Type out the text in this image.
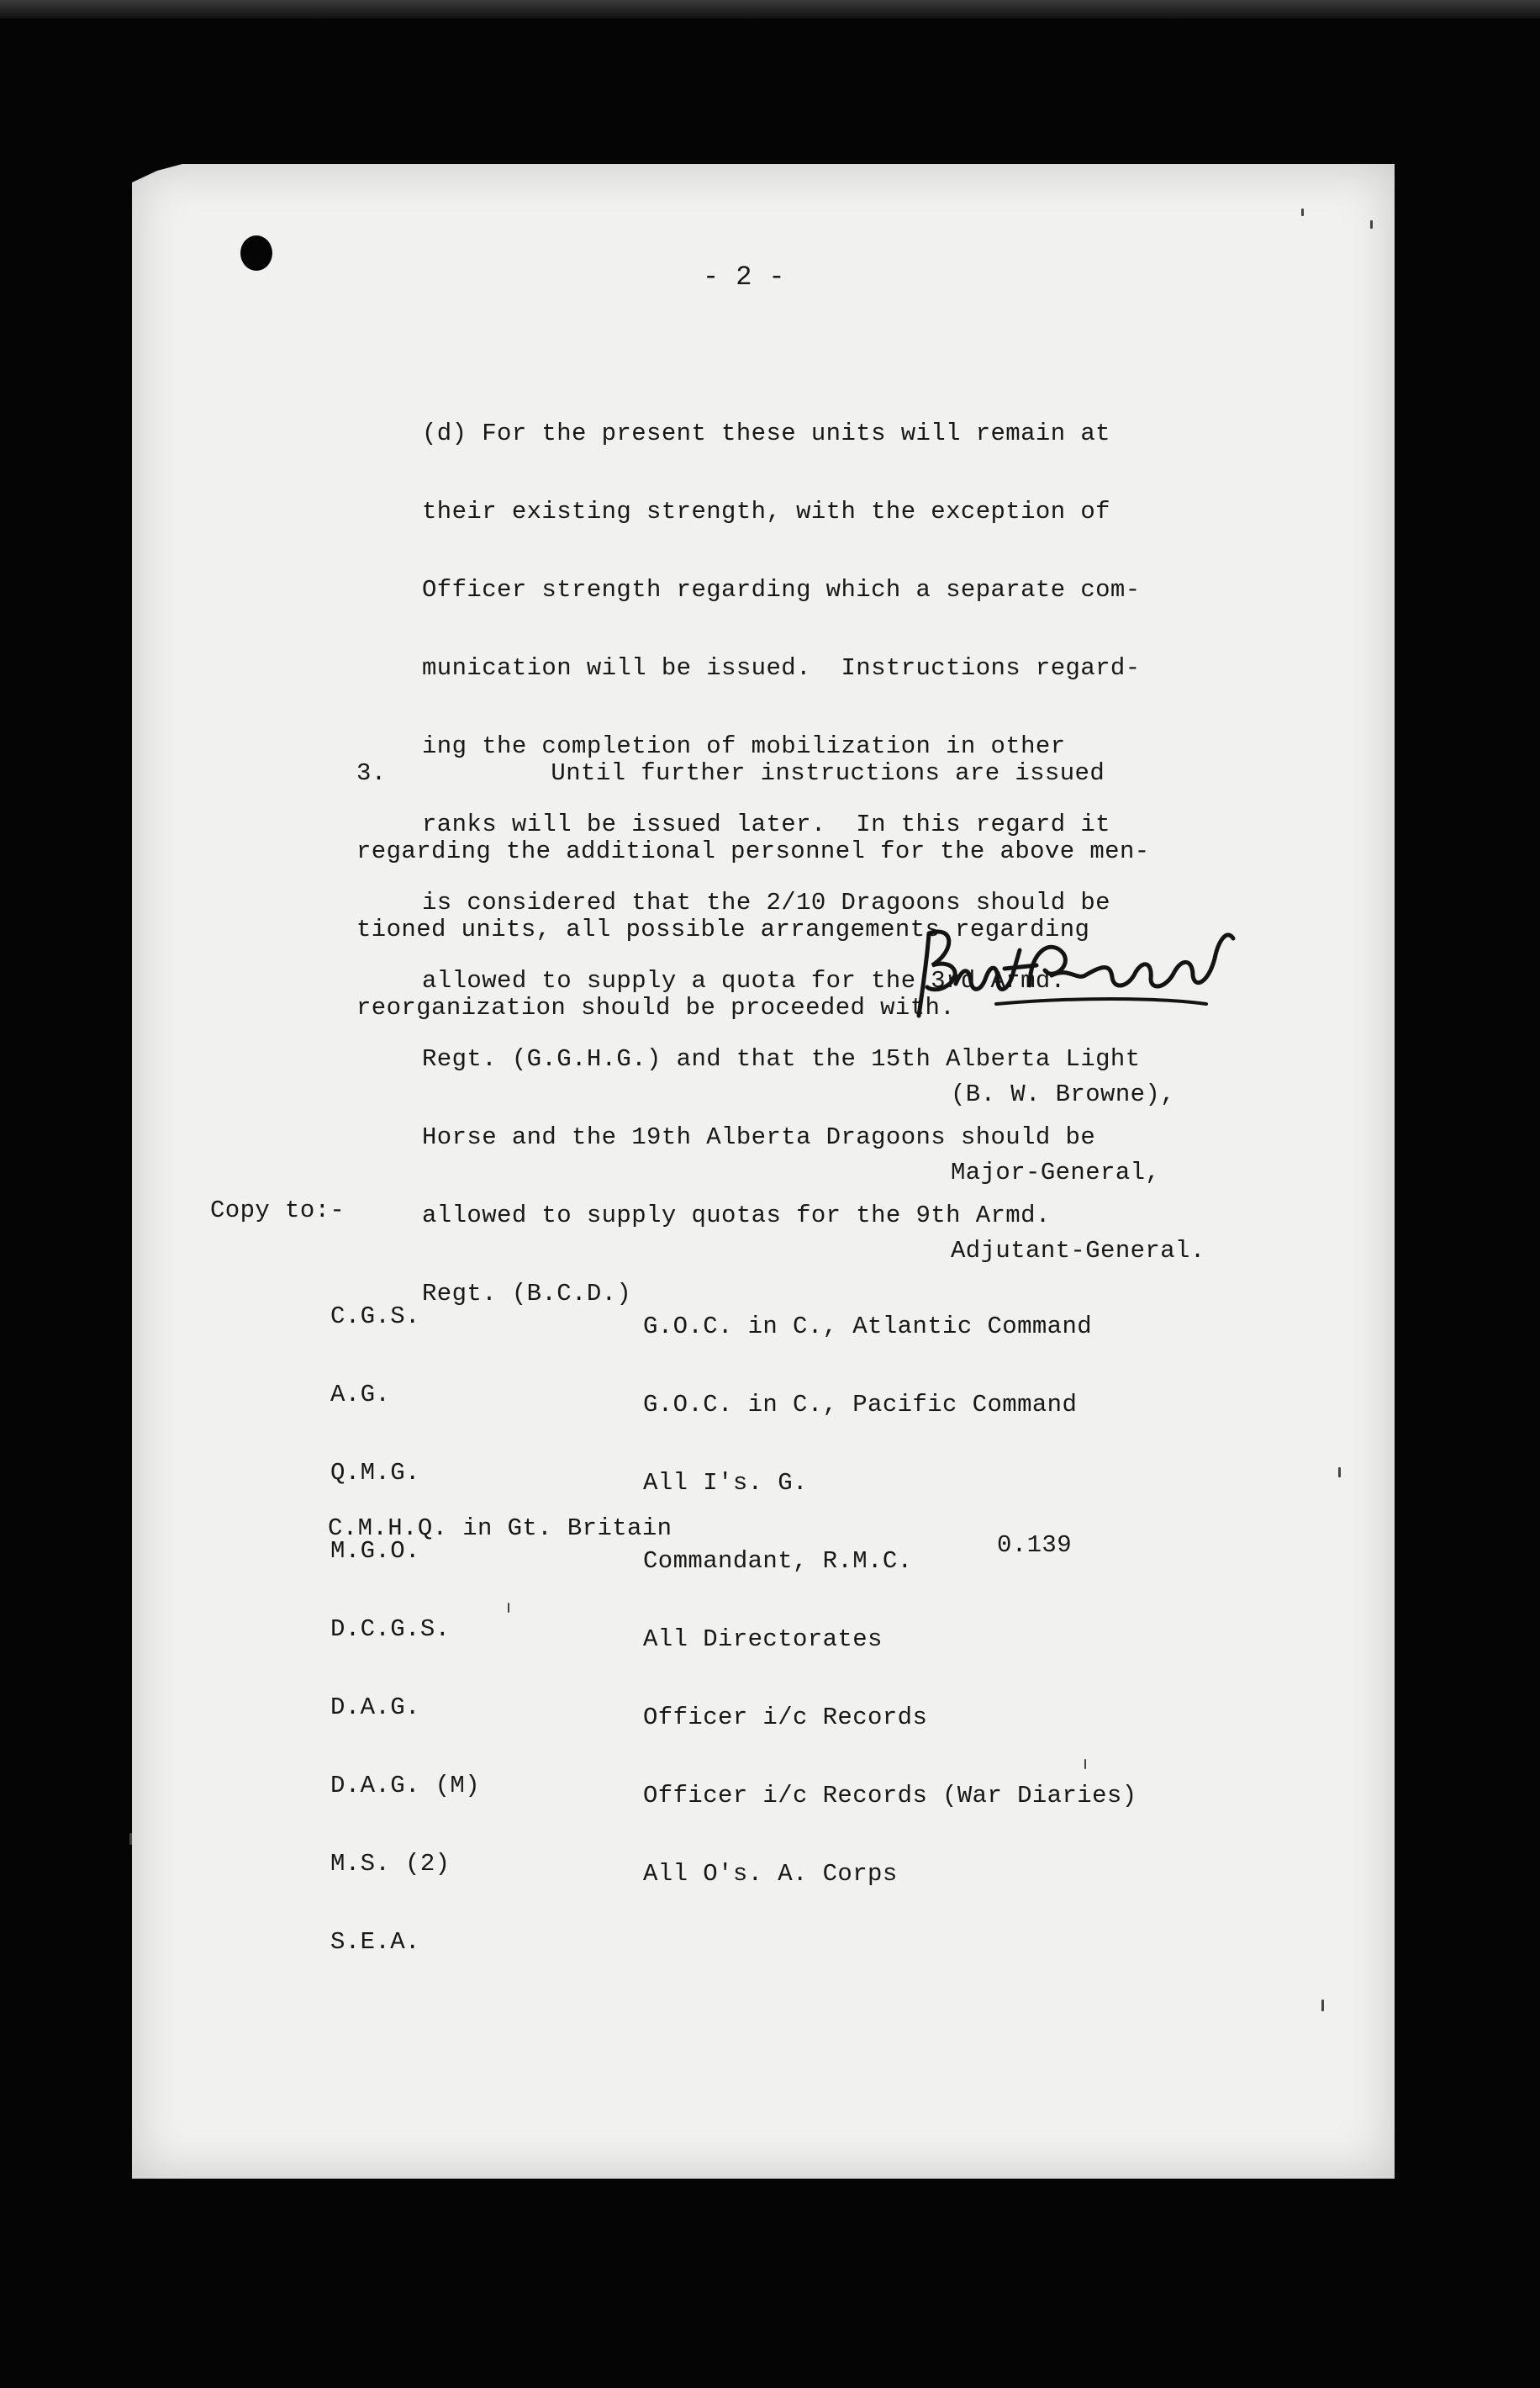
- 2 -

(d) For the present these units will remain at

their existing strength, with the exception of

Officer strength regarding which a separate com-

munication will be issued.  Instructions regard-

ing the completion of mobilization in other

ranks will be issued later.  In this regard it

is considered that the 2/10 Dragoons should be

allowed to supply a quota for the 3rd Armd.

Regt. (G.G.H.G.) and that the 15th Alberta Light

Horse and the 19th Alberta Dragoons should be

allowed to supply quotas for the 9th Armd.

Regt. (B.C.D.)

3.           Until further instructions are issued

regarding the additional personnel for the above men-

tioned units, all possible arrangements regarding

reorganization should be proceeded with.

(B. W. Browne),

Major-General,

Adjutant-General.

Copy to:-

C.G.S.

A.G.

Q.M.G.

M.G.O.

D.C.G.S.

D.A.G.

D.A.G. (M)

M.S. (2)

S.E.A.

G.O.C. in C., Atlantic Command

G.O.C. in C., Pacific Command

All I's. G.

Commandant, R.M.C.

All Directorates

Officer i/c Records

Officer i/c Records (War Diaries)

All O's. A. Corps

C.M.H.Q. in Gt. Britain
0.139
